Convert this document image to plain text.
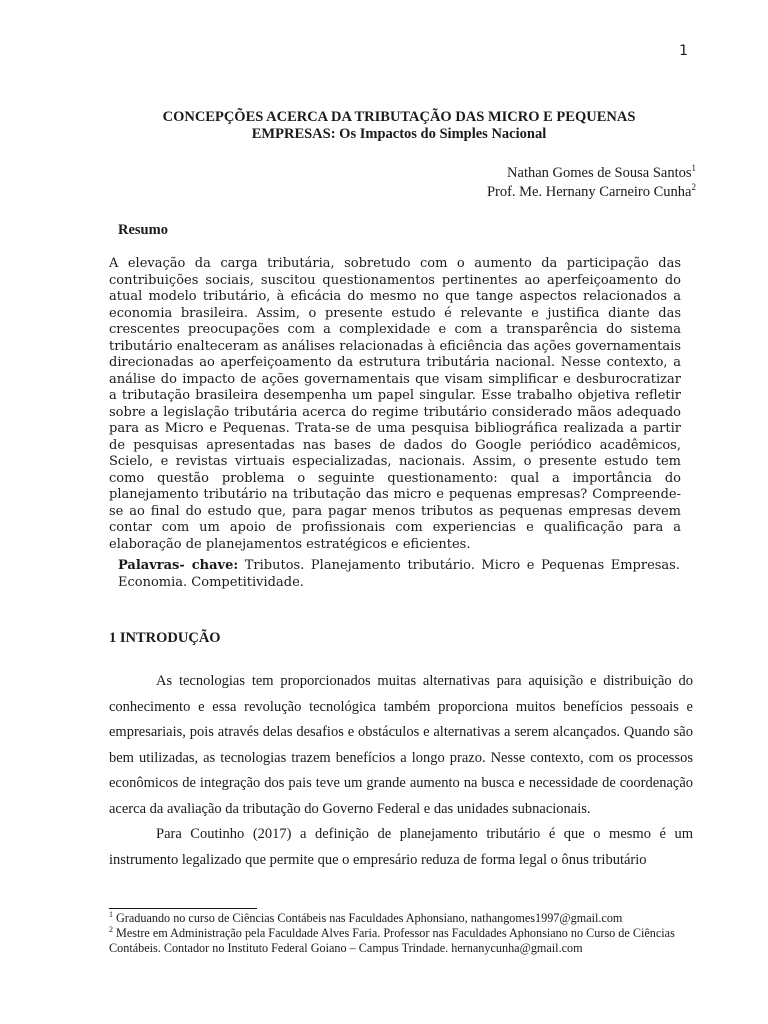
1
CONCEPÇÕES ACERCA DA TRIBUTAÇÃO DAS MICRO E PEQUENAS
EMPRESAS: Os Impactos do Simples Nacional
Nathan Gomes de Sousa Santos$^1$
Prof. Me. Hernany Carneiro Cunha$^2$
Resumo

A elevação da carga tributária, sobretudo com o aumento da participação das contribuições sociais, suscitou questionamentos pertinentes ao aperfeiçoamento do atual modelo tributário, à eficácia do mesmo no que tange aspectos relacionados a economia brasileira. Assim, o presente estudo é relevante e justifica diante das crescentes preocupações com a complexidade e com a transparência do sistema tributário enalteceram as análises relacionadas à eficiência das ações governamentais direcionadas ao aperfeiçoamento da estrutura tributária nacional. Nesse contexto, a análise do impacto de ações governamentais que visam simplificar e desburocratizar a tributação brasileira desempenha um papel singular. Esse trabalho objetiva refletir sobre a legislação tributária acerca do regime tributário considerado mãos adequado para as Micro e Pequenas. Trata-se de uma pesquisa bibliográfica realizada a partir de pesquisas apresentadas nas bases de dados do Google periódico acadêmicos, Scielo, e revistas virtuais especializadas, nacionais. Assim, o presente estudo tem como questão problema o seguinte questionamento: qual a importância do planejamento tributário na tributação das micro e pequenas empresas? Compreende-se ao final do estudo que, para pagar menos tributos as pequenas empresas devem contar com um apoio de profissionais com experiencias e qualificação para a elaboração de planejamentos estratégicos e eficientes.

Palavras- chave: Tributos. Planejamento tributário. Micro e Pequenas Empresas. Economia. Competitividade.

1 INTRODUÇÃO

As tecnologias tem proporcionados muitas alternativas para aquisição e distribuição do conhecimento e essa revolução tecnológica também proporciona muitos benefícios pessoais e empresariais, pois através delas desafios e obstáculos e alternativas a serem alcançados. Quando são bem utilizadas, as tecnologias trazem benefícios a longo prazo. Nesse contexto, com os processos econômicos de integração dos pais teve um grande aumento na busca e necessidade de coordenação acerca da avaliação da tributação do Governo Federal e das unidades subnacionais.

Para Coutinho (2017) a definição de planejamento tributário é que o mesmo é um instrumento legalizado que permite que o empresário reduza de forma legal o ônus tributário

$^1$ Graduando no curso de Ciências Contábeis nas Faculdades Aphonsiano, nathangomes1997@gmail.com

$^2$ Mestre em Administração pela Faculdade Alves Faria. Professor nas Faculdades Aphonsiano no Curso de Ciências Contábeis. Contador no Instituto Federal Goiano – Campus Trindade. hernanycunha@gmail.com
